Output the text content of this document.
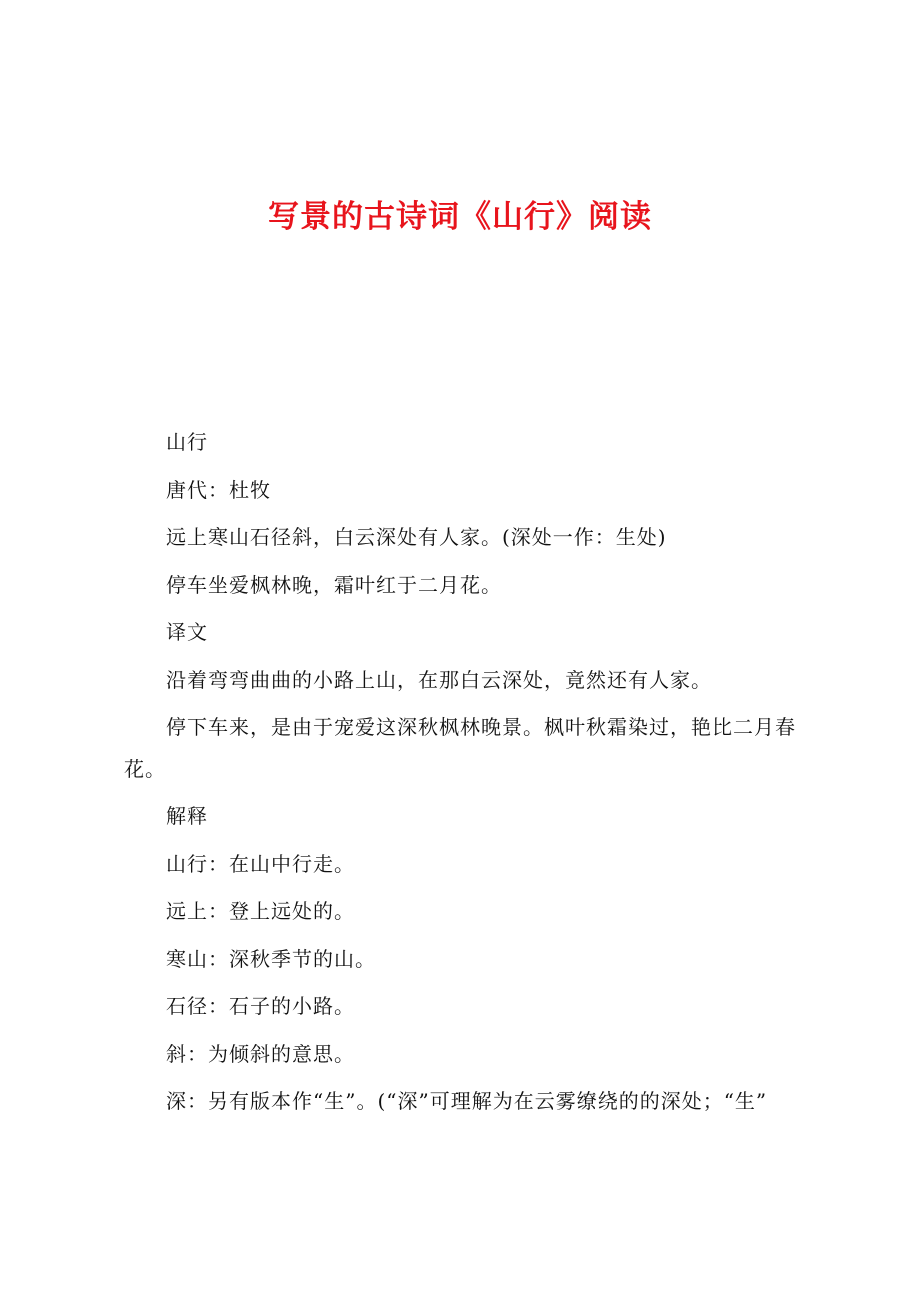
写景的古诗词《山行》阅读

山行

唐代：杜牧

远上寒山石径斜，白云深处有人家。(深处一作：生处)

停车坐爱枫林晚，霜叶红于二月花。

译文

沿着弯弯曲曲的小路上山，在那白云深处，竟然还有人家。

停下车来，是由于宠爱这深秋枫林晚景。枫叶秋霜染过，艳比二月春花。

解释

山行：在山中行走。

远上：登上远处的。

寒山：深秋季节的山。

石径：石子的小路。

斜：为倾斜的意思。

深：另有版本作“生”。(“深”可理解为在云雾缭绕的的深处；“生”
